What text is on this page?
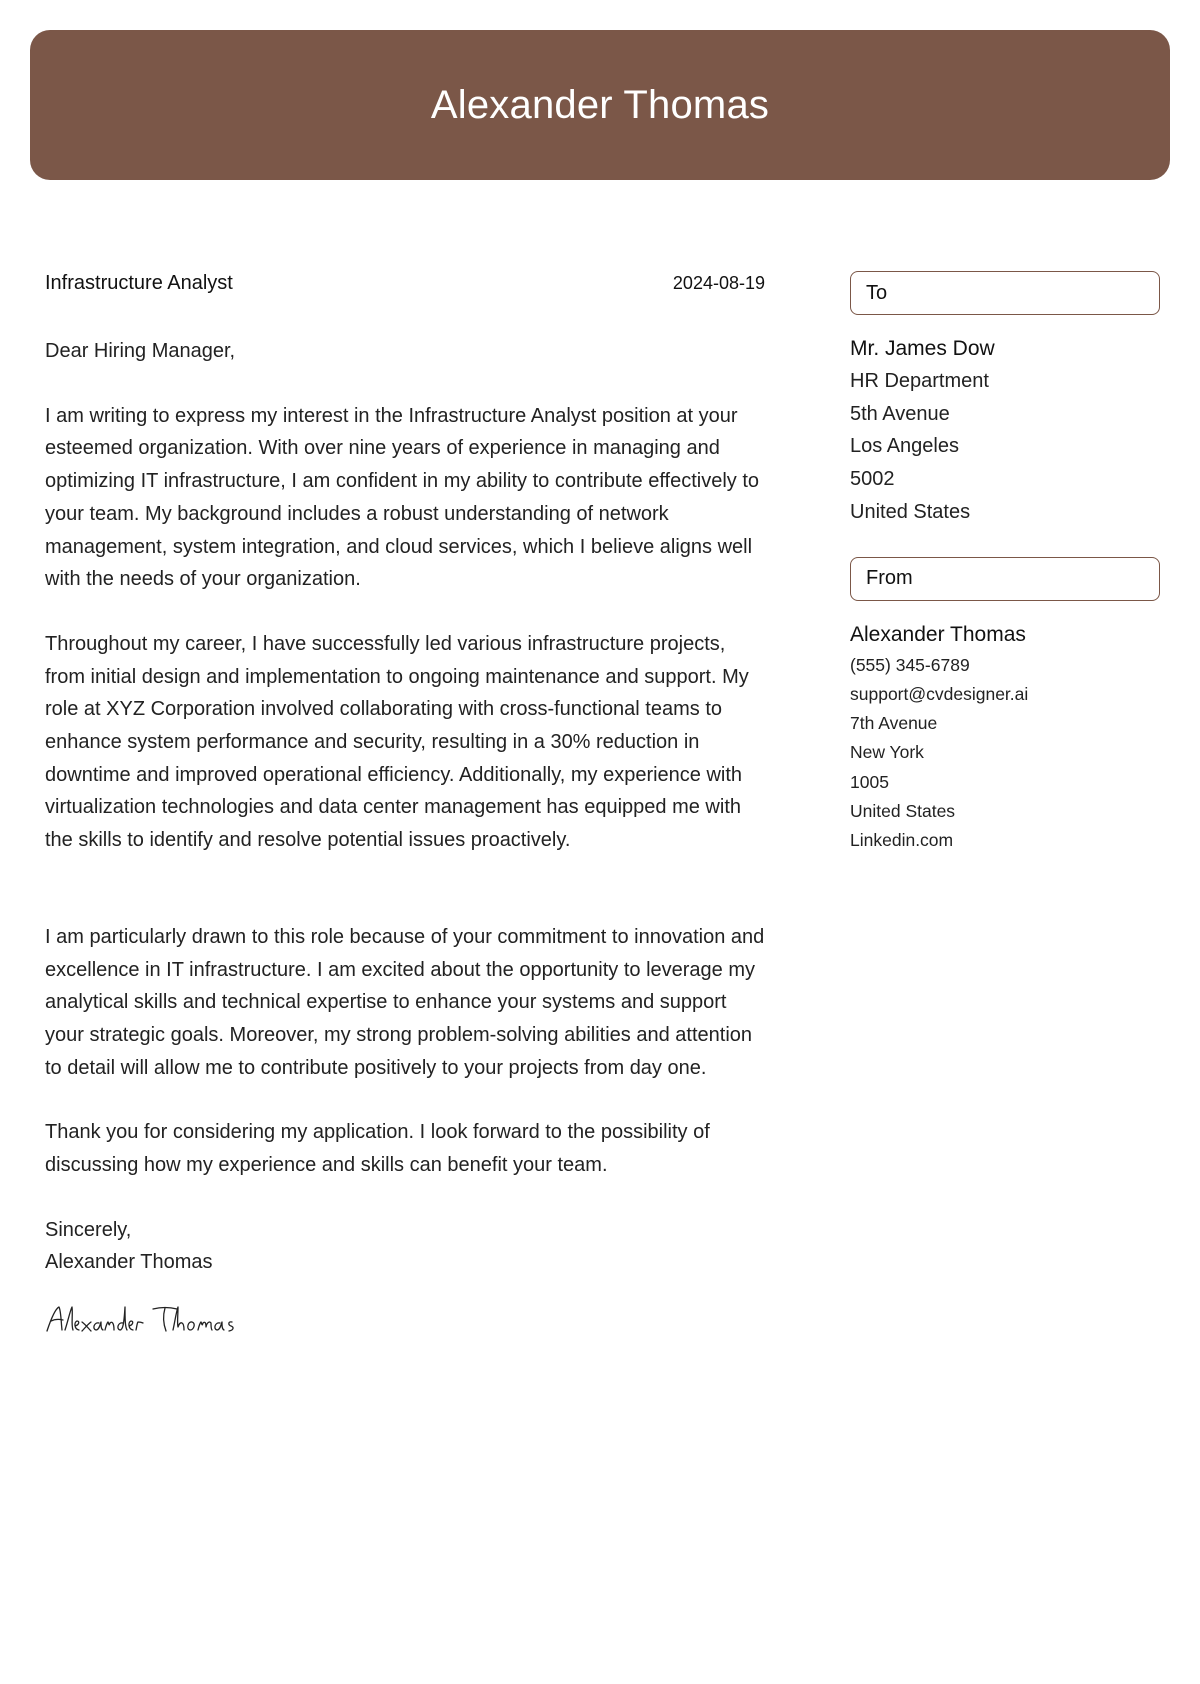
Alexander Thomas
Infrastructure Analyst	2024-08-19

Dear Hiring Manager,

I am writing to express my interest in the Infrastructure Analyst position at your esteemed organization. With over nine years of experience in managing and optimizing IT infrastructure, I am confident in my ability to contribute effectively to your team. My background includes a robust understanding of network management, system integration, and cloud services, which I believe aligns well with the needs of your organization.

Throughout my career, I have successfully led various infrastructure projects, from initial design and implementation to ongoing maintenance and support. My role at XYZ Corporation involved collaborating with cross-functional teams to enhance system performance and security, resulting in a 30% reduction in downtime and improved operational efficiency. Additionally, my experience with virtualization technologies and data center management has equipped me with the skills to identify and resolve potential issues proactively.

I am particularly drawn to this role because of your commitment to innovation and excellence in IT infrastructure. I am excited about the opportunity to leverage my analytical skills and technical expertise to enhance your systems and support your strategic goals. Moreover, my strong problem-solving abilities and attention to detail will allow me to contribute positively to your projects from day one.

Thank you for considering my application. I look forward to the possibility of discussing how my experience and skills can benefit your team.

Sincerely,

Alexander Thomas

To
Mr. James Dow
HR Department
5th Avenue
Los Angeles
5002
United States
From
Alexander Thomas
(555) 345-6789
support@cvdesigner.ai
7th Avenue
New York
1005
United States
Linkedin.com
